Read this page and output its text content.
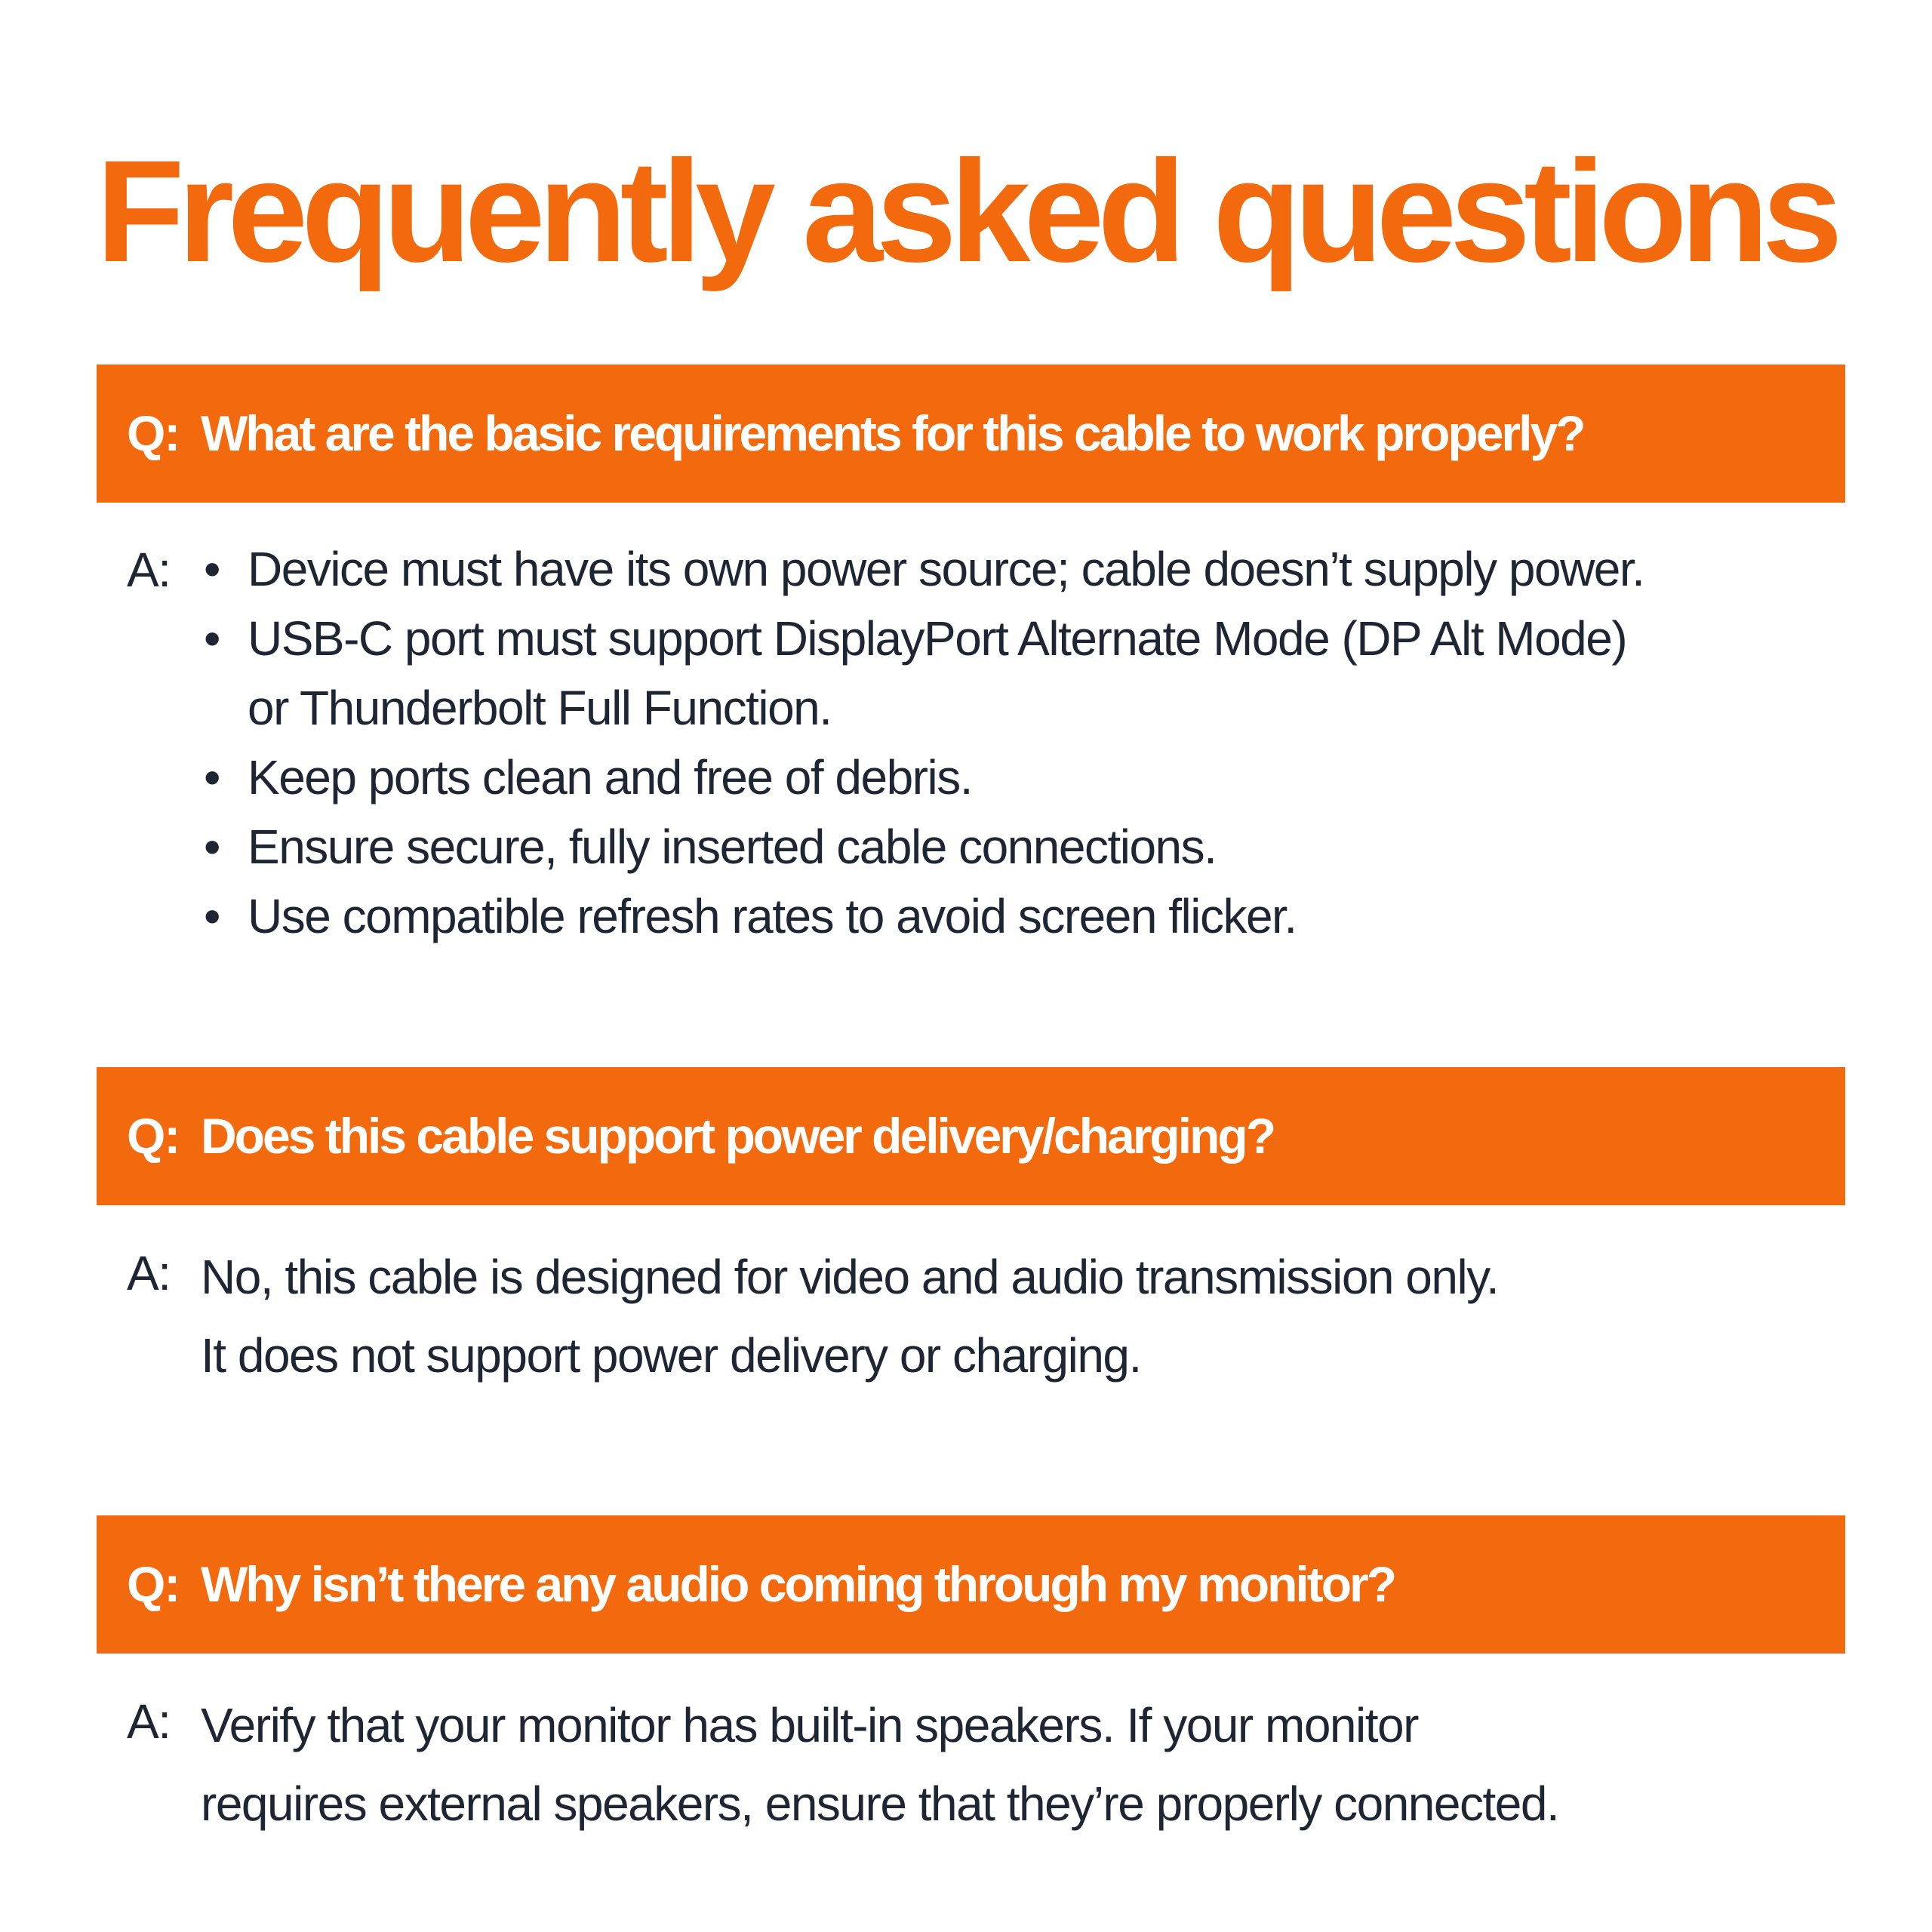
Frequently asked questions
Q: What are the basic requirements for this cable to work properly?
A: • Device must have its own power source; cable doesn’t supply power.
• USB-C port must support DisplayPort Alternate Mode (DP Alt Mode)
or Thunderbolt Full Function.
• Keep ports clean and free of debris.
• Ensure secure, fully inserted cable connections.
• Use compatible refresh rates to avoid screen flicker.
Q: Does this cable support power delivery/charging?
A: No, this cable is designed for video and audio transmission only.
It does not support power delivery or charging.
Q: Why isn’t there any audio coming through my monitor?
A: Verify that your monitor has built-in speakers. If your monitor
requires external speakers, ensure that they’re properly connected.
